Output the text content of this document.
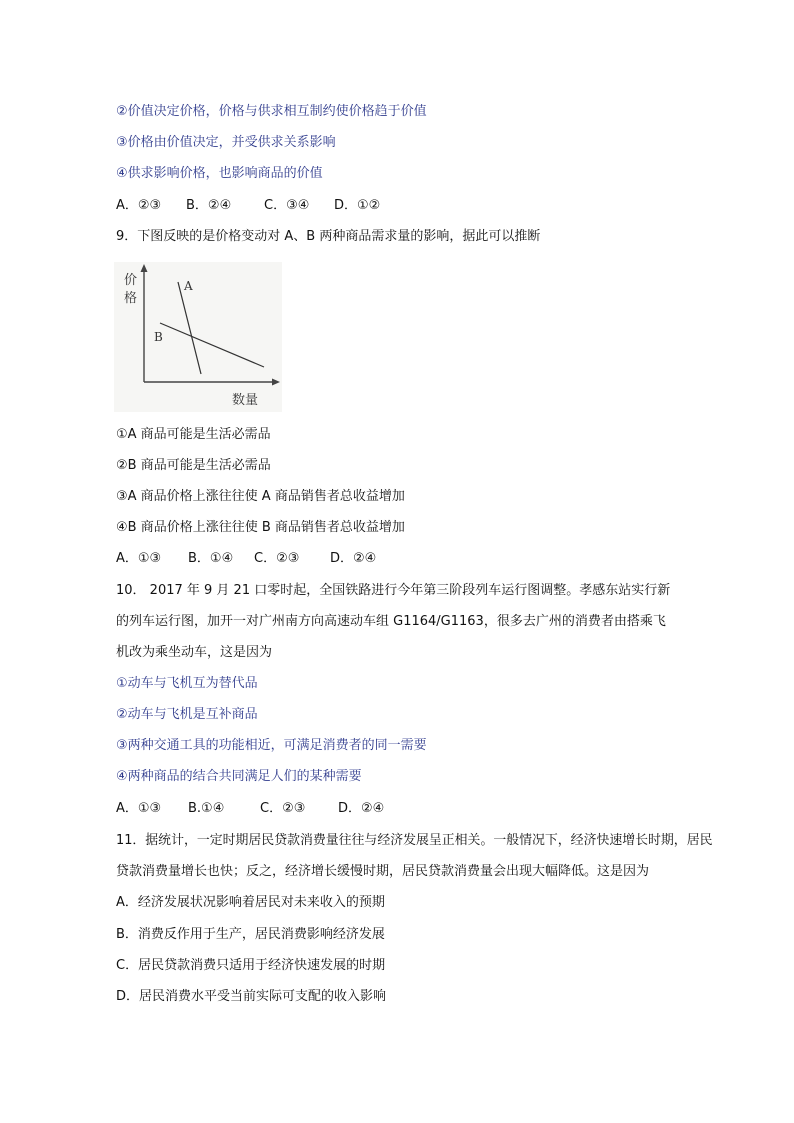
②价值决定价格，价格与供求相互制约使价格趋于价值
③价格由价值决定，并受供求关系影响
④供求影响价格，也影响商品的价值
A．②③ B．②④	C．③④ D．①②
9．下图反映的是价格变动对 A、B 两种商品需求量的影响，据此可以推断
价
格
数量
A
B
①A 商品可能是生活必需品
②B 商品可能是生活必需品
③A 商品价格上涨往往使 A 商品销售者总收益增加
④B 商品价格上涨往往使 B 商品销售者总收益增加
A．①③ B．①④ C．②③ D．②④
10． 2017 年 9 月 21 口零时起，全国铁路进行今年第三阶段列车运行图调整。孝感东站实行新
的列车运行图，加开一对广州南方向高速动车组 G1164/G1163，很多去广州的消费者由搭乘飞
机改为乘坐动车，这是因为
①动车与飞机互为替代品
②动车与飞机是互补商品
③两种交通工具的功能相近，可满足消费者的同一需要
④两种商品的结合共同满足人们的某种需要
A．①③ B.①④	C．②③	D．②④
11．据统计，一定时期居民贷款消费量往往与经济发展呈正相关。一般情况下，经济快速增长时期，居民
贷款消费量增长也快；反之，经济增长缓慢时期，居民贷款消费量会出现大幅降低。这是因为
A．经济发展状况影响着居民对未来收入的预期
B．消费反作用于生产，居民消费影响经济发展
C．居民贷款消费只适用于经济快速发展的时期
D．居民消费水平受当前实际可支配的收入影响
